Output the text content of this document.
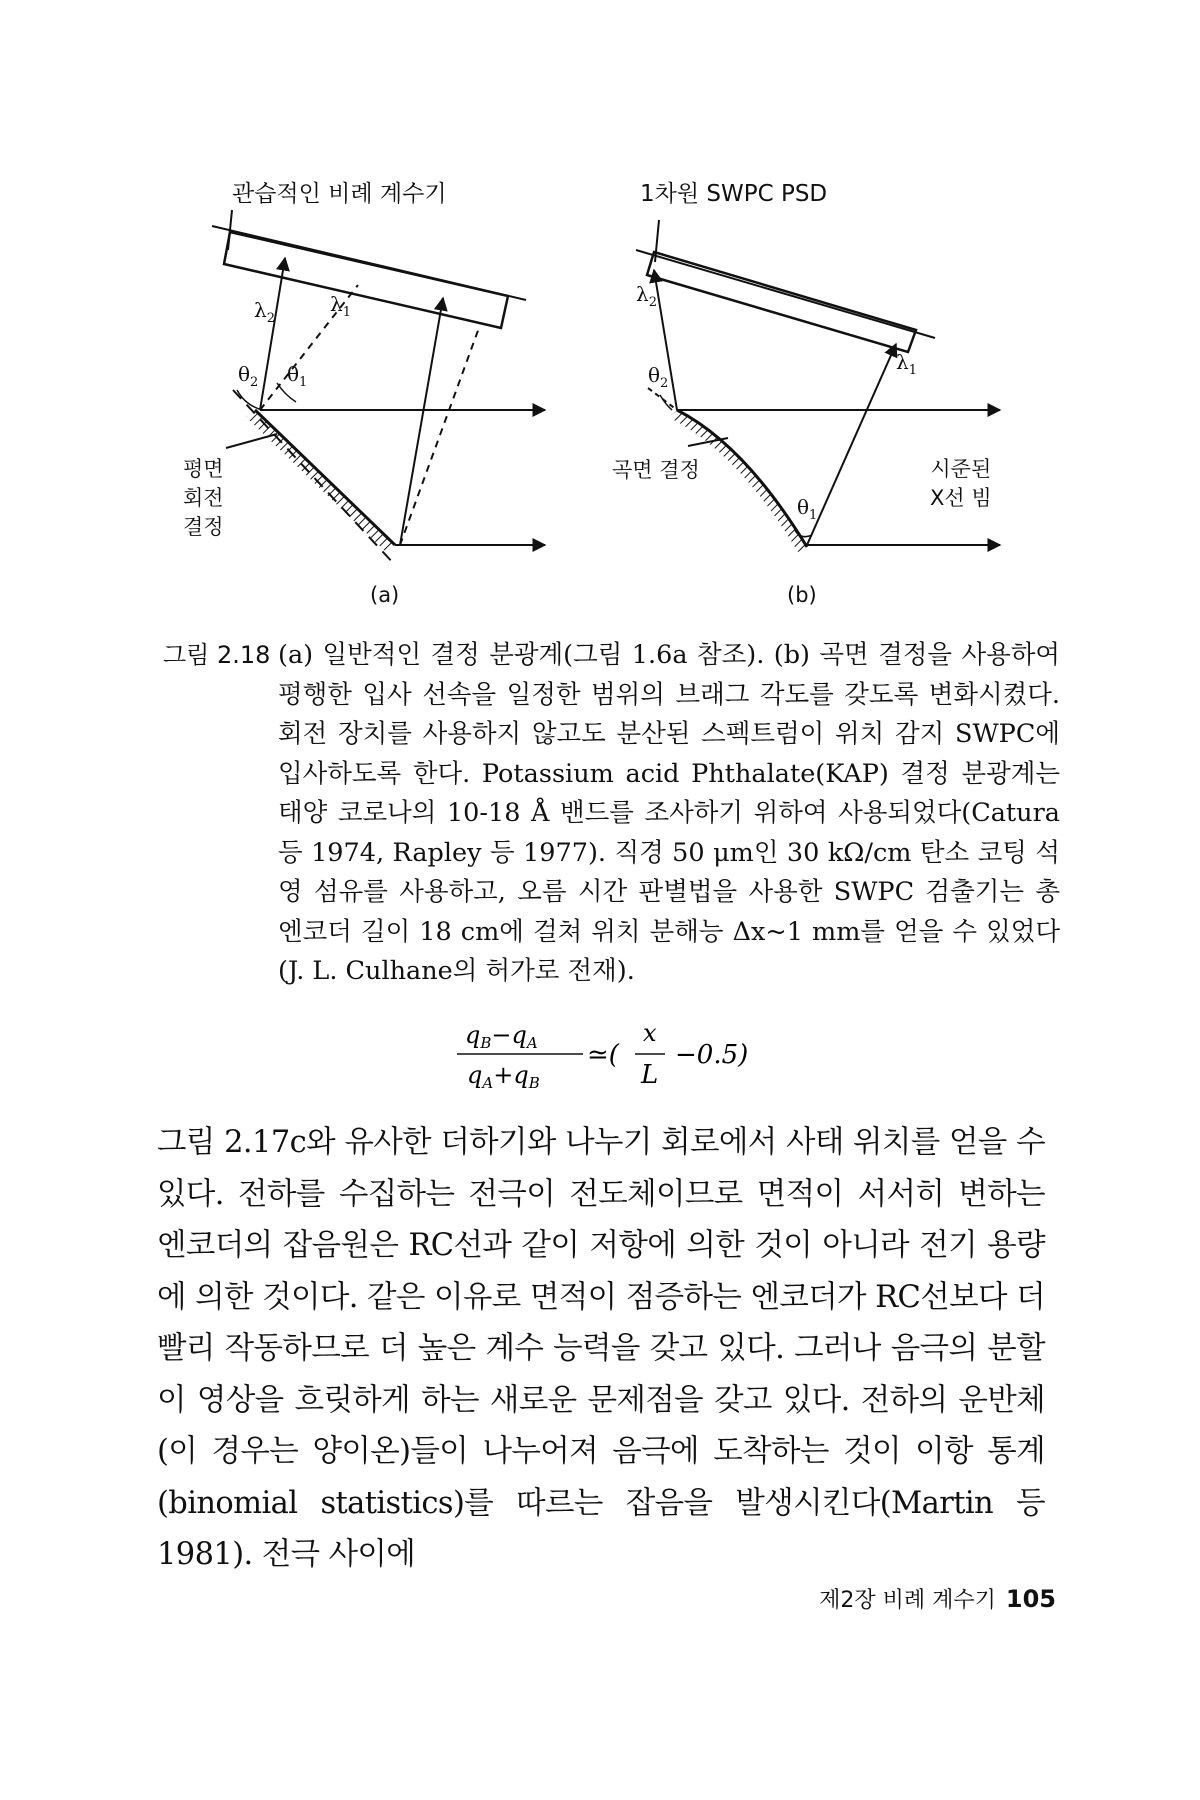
관습적인 비례 계수기	1차원 SWPC PSD
$\lambda_2$
$\lambda_1$
$\theta_2$ $\theta_1$
$\lambda_2$
$\lambda_1$
$\theta_2$
$\theta_1$
평면
회전
결정
곡면 결정	시준된
X선 빔
(a)	(b)
그림 2.18 (a) 일반적인 결정 분광계(그림 1.6a 참조). (b) 곡면 결정을 사용하여 평행한 입사 선속을 일정한 범위의 브래그 각도를 갖도록 변화시켰다. 회전 장치를 사용하지 않고도 분산된 스펙트럼이 위치 감지 SWPC에 입사하도록 한다. Potassium acid Phthalate(KAP) 결정 분광계는 태양 코로나의 10-18 Å 밴드를 조사하기 위하여 사용되었다(Catura 등 1974, Rapley 등 1977). 직경 50 μm인 30 kΩ/cm 탄소 코팅 석영 섬유를 사용하고, 오름 시간 판별법을 사용한 SWPC 검출기는 총 엔코더 길이 18 cm에 걸쳐 위치 분해능 Δx~1 mm를 얻을 수 있었다(J. L. Culhane의 허가로 전재).
$q_B-q_A$
$q_A+q_B$
≃(
x
L
−0.5)
그림 2.17c와 유사한 더하기와 나누기 회로에서 사태 위치를 얻을 수 있다. 전하를 수집하는 전극이 전도체이므로 면적이 서서히 변하는 엔코더의 잡음원은 RC선과 같이 저항에 의한 것이 아니라 전기 용량에 의한 것이다. 같은 이유로 면적이 점증하는 엔코더가 RC선보다 더 빨리 작동하므로 더 높은 계수 능력을 갖고 있다. 그러나 음극의 분할이 영상을 흐릿하게 하는 새로운 문제점을 갖고 있다. 전하의 운반체(이 경우는 양이온)들이 나누어져 음극에 도착하는 것이 이항 통계(binomial statistics)를 따르는 잡음을 발생시킨다(Martin 등 1981). 전극 사이에
제2장 비례 계수기 105
